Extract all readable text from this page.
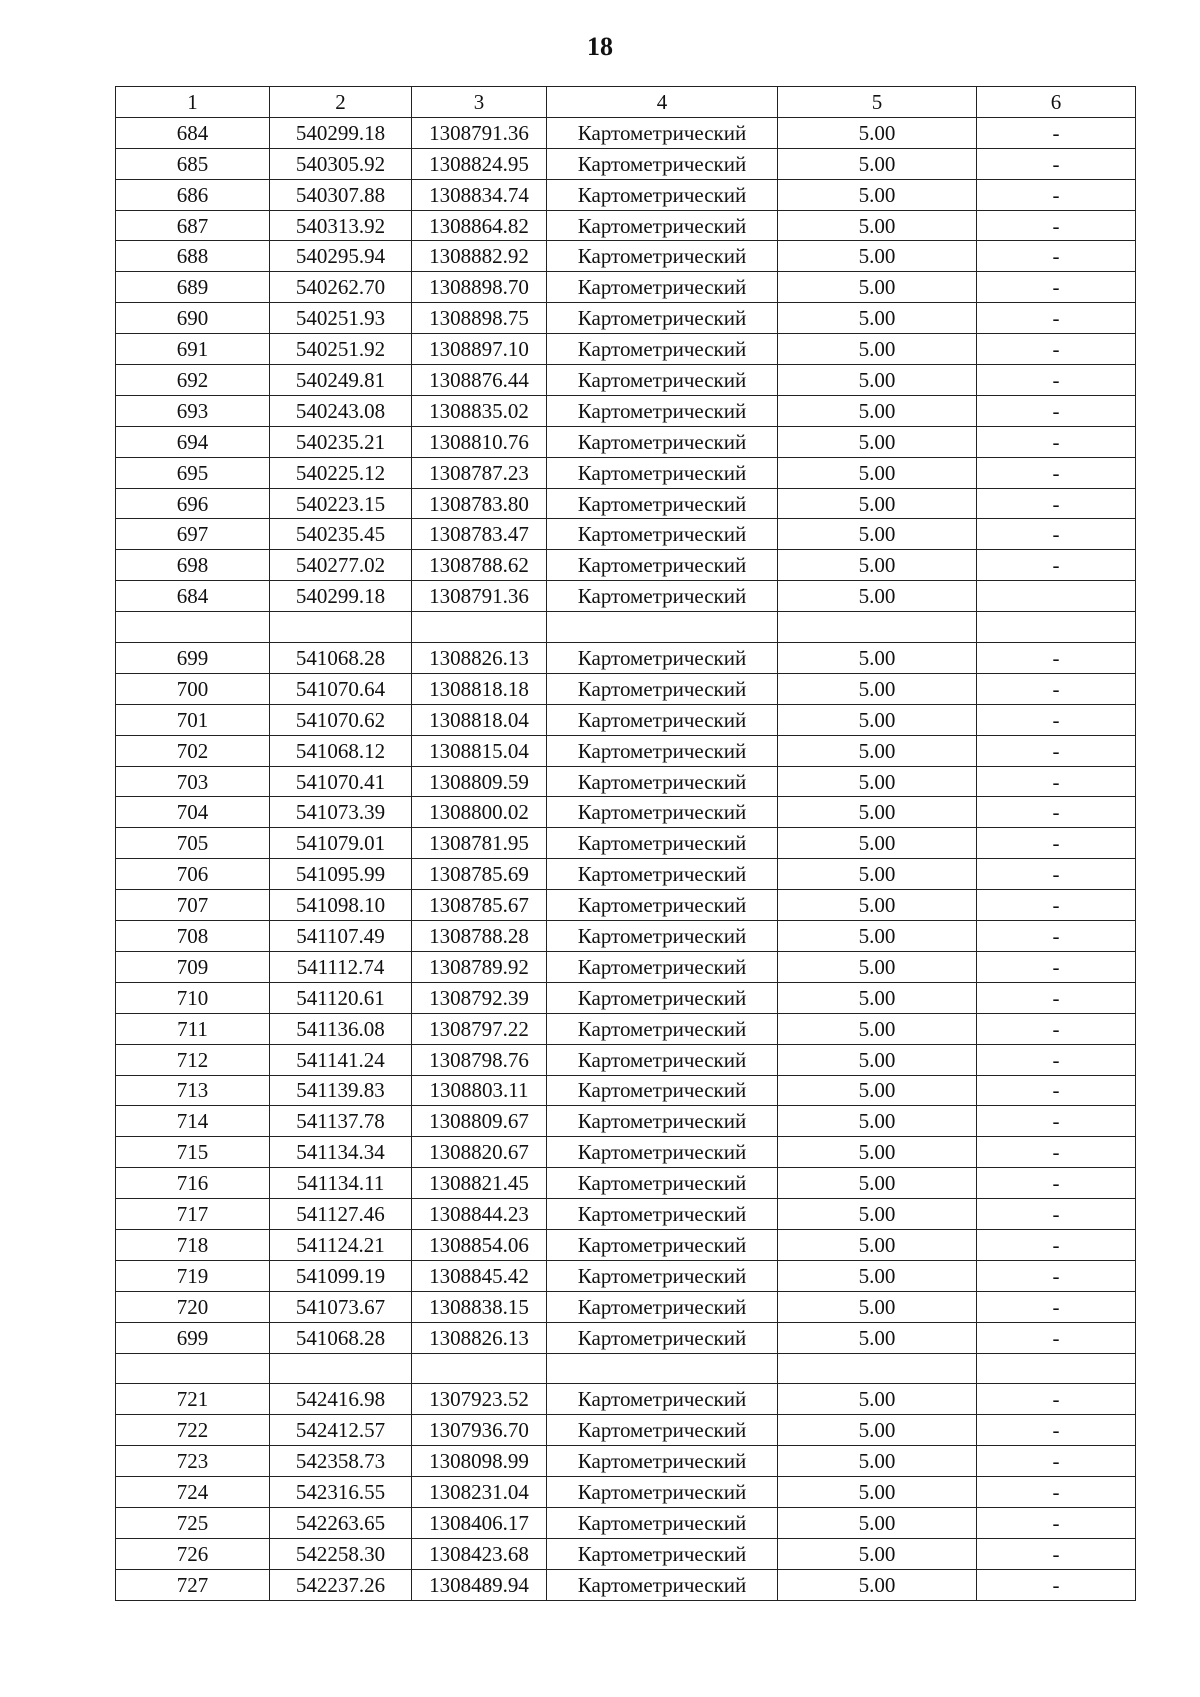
18
1	2	3	4	5	6
684	540299.18	1308791.36	Картометрический	5.00	-
685	540305.92	1308824.95	Картометрический	5.00	-
686	540307.88	1308834.74	Картометрический	5.00	-
687	540313.92	1308864.82	Картометрический	5.00	-
688	540295.94	1308882.92	Картометрический	5.00	-
689	540262.70	1308898.70	Картометрический	5.00	-
690	540251.93	1308898.75	Картометрический	5.00	-
691	540251.92	1308897.10	Картометрический	5.00	-
692	540249.81	1308876.44	Картометрический	5.00	-
693	540243.08	1308835.02	Картометрический	5.00	-
694	540235.21	1308810.76	Картометрический	5.00	-
695	540225.12	1308787.23	Картометрический	5.00	-
696	540223.15	1308783.80	Картометрический	5.00	-
697	540235.45	1308783.47	Картометрический	5.00	-
698	540277.02	1308788.62	Картометрический	5.00	-
684	540299.18	1308791.36	Картометрический	5.00	

699	541068.28	1308826.13	Картометрический	5.00	-
700	541070.64	1308818.18	Картометрический	5.00	-
701	541070.62	1308818.04	Картометрический	5.00	-
702	541068.12	1308815.04	Картометрический	5.00	-
703	541070.41	1308809.59	Картометрический	5.00	-
704	541073.39	1308800.02	Картометрический	5.00	-
705	541079.01	1308781.95	Картометрический	5.00	-
706	541095.99	1308785.69	Картометрический	5.00	-
707	541098.10	1308785.67	Картометрический	5.00	-
708	541107.49	1308788.28	Картометрический	5.00	-
709	541112.74	1308789.92	Картометрический	5.00	-
710	541120.61	1308792.39	Картометрический	5.00	-
711	541136.08	1308797.22	Картометрический	5.00	-
712	541141.24	1308798.76	Картометрический	5.00	-
713	541139.83	1308803.11	Картометрический	5.00	-
714	541137.78	1308809.67	Картометрический	5.00	-
715	541134.34	1308820.67	Картометрический	5.00	-
716	541134.11	1308821.45	Картометрический	5.00	-
717	541127.46	1308844.23	Картометрический	5.00	-
718	541124.21	1308854.06	Картометрический	5.00	-
719	541099.19	1308845.42	Картометрический	5.00	-
720	541073.67	1308838.15	Картометрический	5.00	-
699	541068.28	1308826.13	Картометрический	5.00	-

721	542416.98	1307923.52	Картометрический	5.00	-
722	542412.57	1307936.70	Картометрический	5.00	-
723	542358.73	1308098.99	Картометрический	5.00	-
724	542316.55	1308231.04	Картометрический	5.00	-
725	542263.65	1308406.17	Картометрический	5.00	-
726	542258.30	1308423.68	Картометрический	5.00	-
727	542237.26	1308489.94	Картометрический	5.00	-
